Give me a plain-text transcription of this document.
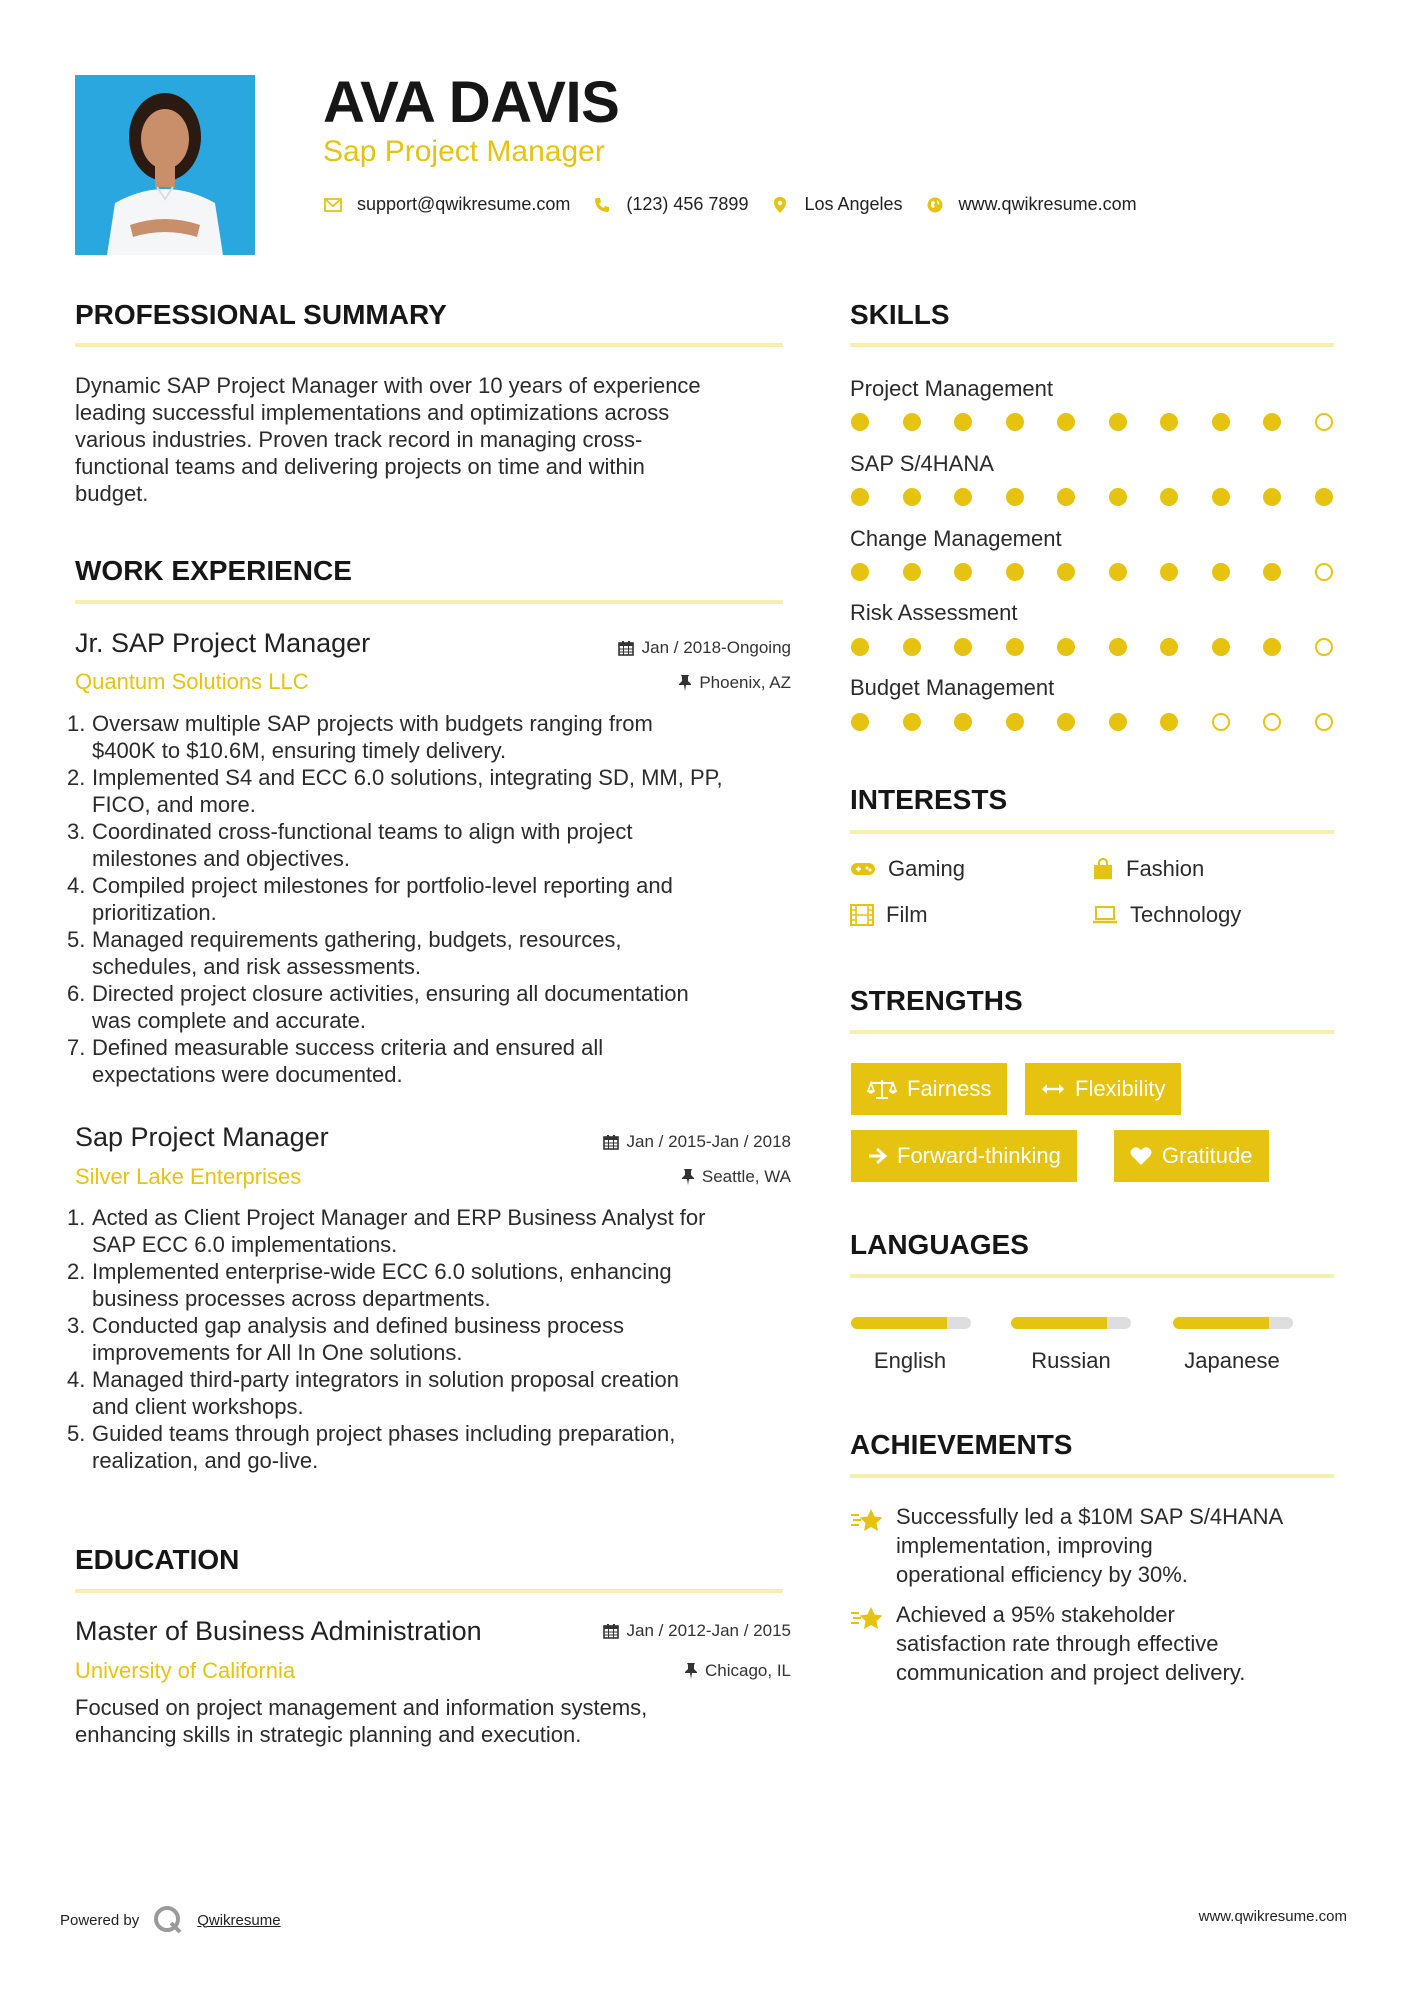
AVA DAVIS
Sap Project Manager
support@qwikresume.com	(123) 456 7899	Los Angeles	www.qwikresume.com
PROFESSIONAL SUMMARY
Dynamic SAP Project Manager with over 10 years of experience
leading successful implementations and optimizations across
various industries. Proven track record in managing cross-
functional teams and delivering projects on time and within
budget.
WORK EXPERIENCE
Jr. SAP Project Manager	Jan / 2018-Ongoing
Quantum Solutions LLC	Phoenix, AZ
1. Oversaw multiple SAP projects with budgets ranging from
$400K to $10.6M, ensuring timely delivery.
2. Implemented S4 and ECC 6.0 solutions, integrating SD, MM, PP,
FICO, and more.
3. Coordinated cross-functional teams to align with project
milestones and objectives.
4. Compiled project milestones for portfolio-level reporting and
prioritization.
5. Managed requirements gathering, budgets, resources,
schedules, and risk assessments.
6. Directed project closure activities, ensuring all documentation
was complete and accurate.
7. Defined measurable success criteria and ensured all
expectations were documented.
Sap Project Manager	Jan / 2015-Jan / 2018
Silver Lake Enterprises	Seattle, WA
1. Acted as Client Project Manager and ERP Business Analyst for
SAP ECC 6.0 implementations.
2. Implemented enterprise-wide ECC 6.0 solutions, enhancing
business processes across departments.
3. Conducted gap analysis and defined business process
improvements for All In One solutions.
4. Managed third-party integrators in solution proposal creation
and client workshops.
5. Guided teams through project phases including preparation,
realization, and go-live.
EDUCATION
Master of Business Administration	Jan / 2012-Jan / 2015
University of California	Chicago, IL
Focused on project management and information systems,
enhancing skills in strategic planning and execution.
SKILLS
Project Management
SAP S/4HANA
Change Management
Risk Assessment
Budget Management
INTERESTS
Gaming	Fashion
Film	Technology
STRENGTHS
Fairness	Flexibility
Forward-thinking	Gratitude
LANGUAGES
English	Russian	Japanese
ACHIEVEMENTS
Successfully led a $10M SAP S/4HANA
implementation, improving
operational efficiency by 30%.
Achieved a 95% stakeholder
satisfaction rate through effective
communication and project delivery.
Powered by	Qwikresume	www.qwikresume.com
